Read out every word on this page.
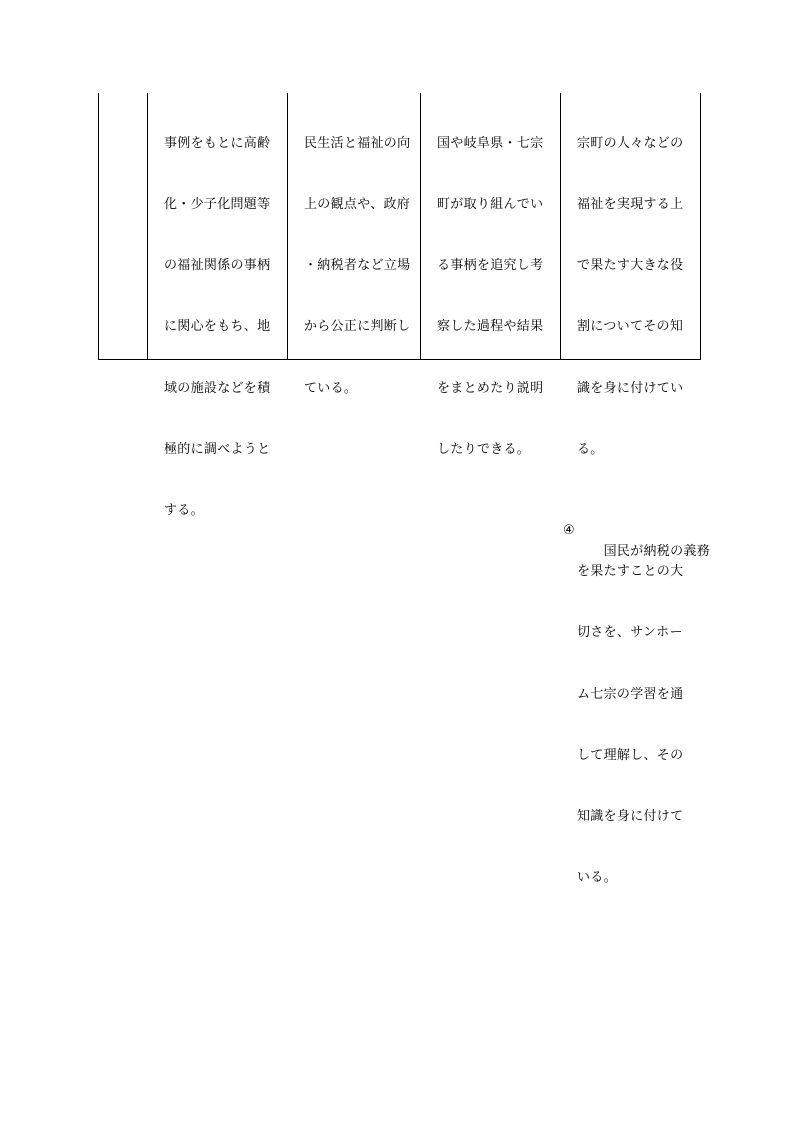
事例をもとに高齢

化・少子化問題等

の福祉関係の事柄

に関心をもち、地

域の施設などを積

極的に調べようと

する。

民生活と福祉の向

上の観点や、政府

・納税者など立場

から公正に判断し

ている。

国や岐阜県・七宗

町が取り組んでい

る事柄を追究し考

察した過程や結果

をまとめたり説明

したりできる。

宗町の人々などの

福祉を実現する上

で果たす大きな役

割についてその知

識を身に付けてい

る。

④

国民が納税の義務

を果たすことの大

切さを、サンホー

ム七宗の学習を通

して理解し、その

知識を身に付けて

いる。
